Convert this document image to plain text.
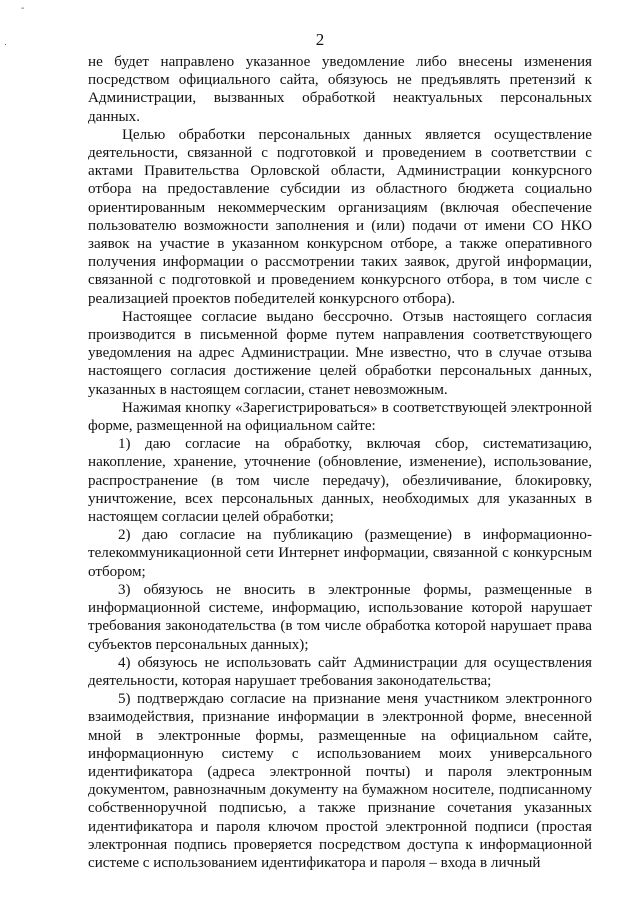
-
.	2

не будет направлено указанное уведомление либо внесены изменения посредством официального сайта, обязуюсь не предъявлять претензий к Администрации, вызванных обработкой неактуальных персональных данных.

Целью обработки персональных данных является осуществление деятельности, связанной с подготовкой и проведением в соответствии с актами Правительства Орловской области, Администрации конкурсного отбора на предоставление субсидии из областного бюджета социально ориентированным некоммерческим организациям (включая обеспечение пользователю возможности заполнения и (или) подачи от имени СО НКО заявок на участие в указанном конкурсном отборе, а также оперативного получения информации о рассмотрении таких заявок, другой информации, связанной с подготовкой и проведением конкурсного отбора, в том числе с реализацией проектов победителей конкурсного отбора).

Настоящее согласие выдано бессрочно. Отзыв настоящего согласия производится в письменной форме путем направления соответствующего уведомления на адрес Администрации. Мне известно, что в случае отзыва настоящего согласия достижение целей обработки персональных данных, указанных в настоящем согласии, станет невозможным.

Нажимая кнопку «Зарегистрироваться» в соответствующей электронной форме, размещенной на официальном сайте:

1) даю согласие на обработку, включая сбор, систематизацию, накопление, хранение, уточнение (обновление, изменение), использование, распространение (в том числе передачу), обезличивание, блокировку, уничтожение, всех персональных данных, необходимых для указанных в настоящем согласии целей обработки;

2) даю согласие на публикацию (размещение) в информационно-телекоммуникационной сети Интернет информации, связанной с конкурсным отбором;

3) обязуюсь не вносить в электронные формы, размещенные в информационной системе, информацию, использование которой нарушает требования законодательства (в том числе обработка которой нарушает права субъектов персональных данных);

4) обязуюсь не использовать сайт Администрации для осуществления деятельности, которая нарушает требования законодательства;

5) подтверждаю согласие на признание меня участником электронного взаимодействия, признание информации в электронной форме, внесенной мной в электронные формы, размещенные на официальном сайте, информационную систему с использованием моих универсального идентификатора (адреса электронной почты) и пароля электронным документом, равнозначным документу на бумажном носителе, подписанному собственноручной подписью, а также признание сочетания указанных идентификатора и пароля ключом простой электронной подписи (простая электронная подпись проверяется посредством доступа к информационной системе с использованием идентификатора и пароля – входа в личный
